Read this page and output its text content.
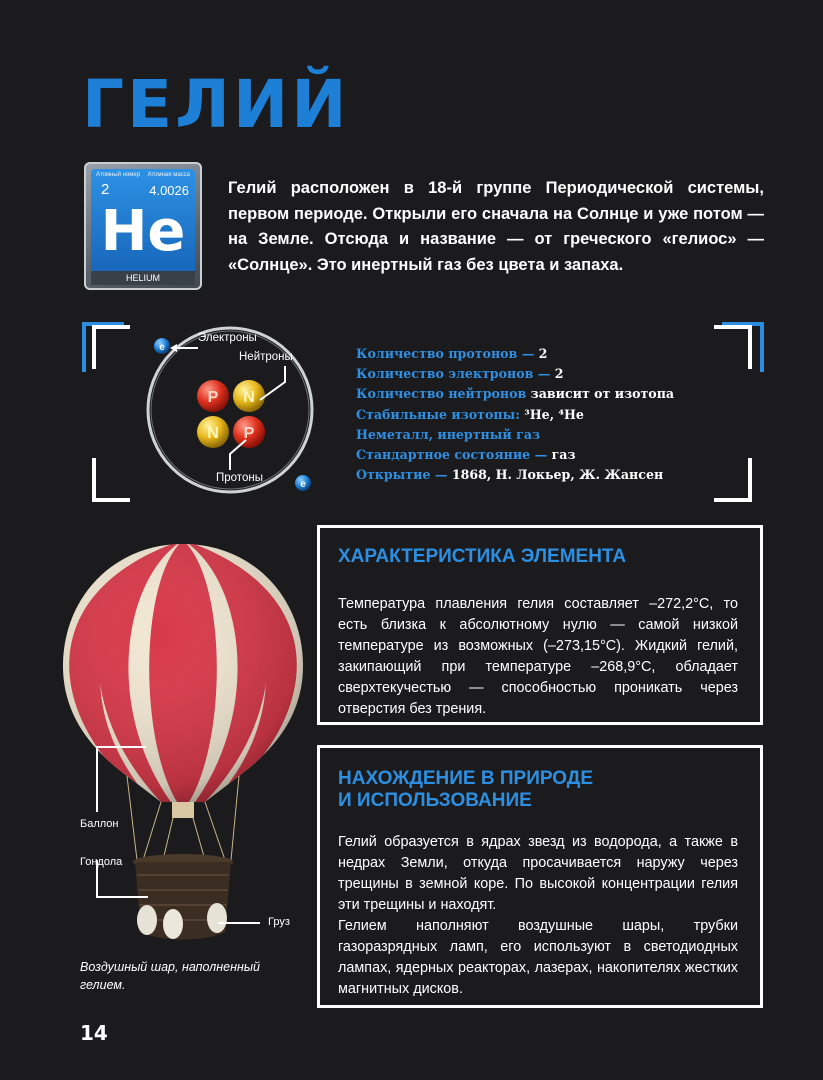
ГЕЛИЙ
Атомный номер Атомная масса
2	4.0026
He
HELIUM
Гелий расположен в 18-й группе Периодической системы, первом периоде. Открыли его сначала на Солнце и уже потом — на Земле. Отсюда и название — от греческого «гелиос» — «Солнце». Это инертный газ без цвета и запаха.
P N
N P
e
e
Электроны
Нейтроны
Протоны
Количество протонов — 2
Количество электронов — 2
Количество нейтронов зависит от изотопа
Стабильные изотопы: ³He, ⁴He
Неметалл, инертный газ
Стандартное состояние — газ
Открытие — 1868, Н. Локьер, Ж. Жансен
Баллон
Гондола
Груз
Воздушный шар, наполненный гелием.
ХАРАКТЕРИСТИКА ЭЛЕМЕНТА

Температура плавления гелия составляет –272,2°С, то есть близка к абсолютному нулю — самой низкой температуре из возможных (–273,15°С). Жидкий гелий, закипающий при температуре –268,9°С, обладает сверхтекучестью — способностью проникать через отверстия без трения.

НАХОЖДЕНИЕ В ПРИРОДЕ
И ИСПОЛЬЗОВАНИЕ

Гелий образуется в ядрах звезд из водорода, а также в недрах Земли, откуда просачивается наружу через трещины в земной коре. По высокой концентрации гелия эти трещины и находят.

Гелием наполняют воздушные шары, трубки газоразрядных ламп, его используют в светодиодных лампах, ядерных реакторах, лазерах, накопителях жестких магнитных дисков.

14
